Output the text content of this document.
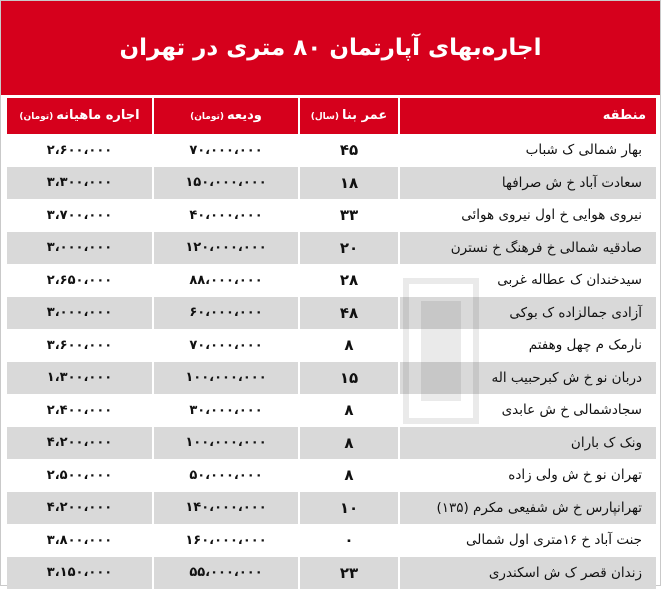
اجاره‌بهای آپارتمان ۸۰ متری در تهران
منطقه	عمر بنا(سال)	ودیعه(تومان)	اجاره ماهیانه(تومان)
بهار شمالی ک شباب	۴۵	۷۰،۰۰۰،۰۰۰	۲،۶۰۰،۰۰۰
سعادت آباد خ ش صرافها	۱۸	۱۵۰،۰۰۰،۰۰۰	۳،۳۰۰،۰۰۰
نیروی هوایی خ اول نیروی هوائی	۳۳	۴۰،۰۰۰،۰۰۰	۳،۷۰۰،۰۰۰
صادقیه شمالی خ فرهنگ خ نسترن	۲۰	۱۲۰،۰۰۰،۰۰۰	۳،۰۰۰،۰۰۰
سیدخندان ک عطاله غربی	۲۸	۸۸،۰۰۰،۰۰۰	۲،۶۵۰،۰۰۰
آزادی جمالزاده ک بوکی	۴۸	۶۰،۰۰۰،۰۰۰	۳،۰۰۰،۰۰۰
نارمک م چهل وهفتم	۸	۷۰،۰۰۰،۰۰۰	۳،۶۰۰،۰۰۰
دربان نو خ ش کبرحبیب اله	۱۵	۱۰۰،۰۰۰،۰۰۰	۱،۳۰۰،۰۰۰
سجادشمالی خ ش عابدی	۸	۳۰،۰۰۰،۰۰۰	۲،۴۰۰،۰۰۰
ونک ک باران	۸	۱۰۰،۰۰۰،۰۰۰	۴،۲۰۰،۰۰۰
تهران نو خ ش ولی زاده	۸	۵۰،۰۰۰،۰۰۰	۲،۵۰۰،۰۰۰
تهرانپارس خ ش شفیعی مکرم (۱۳۵)	۱۰	۱۴۰،۰۰۰،۰۰۰	۴،۲۰۰،۰۰۰
جنت آباد خ ۱۶متری اول شمالی	۰	۱۶۰،۰۰۰،۰۰۰	۳،۸۰۰،۰۰۰
زندان قصر ک ش اسکندری	۲۳	۵۵،۰۰۰،۰۰۰	۳،۱۵۰،۰۰۰
